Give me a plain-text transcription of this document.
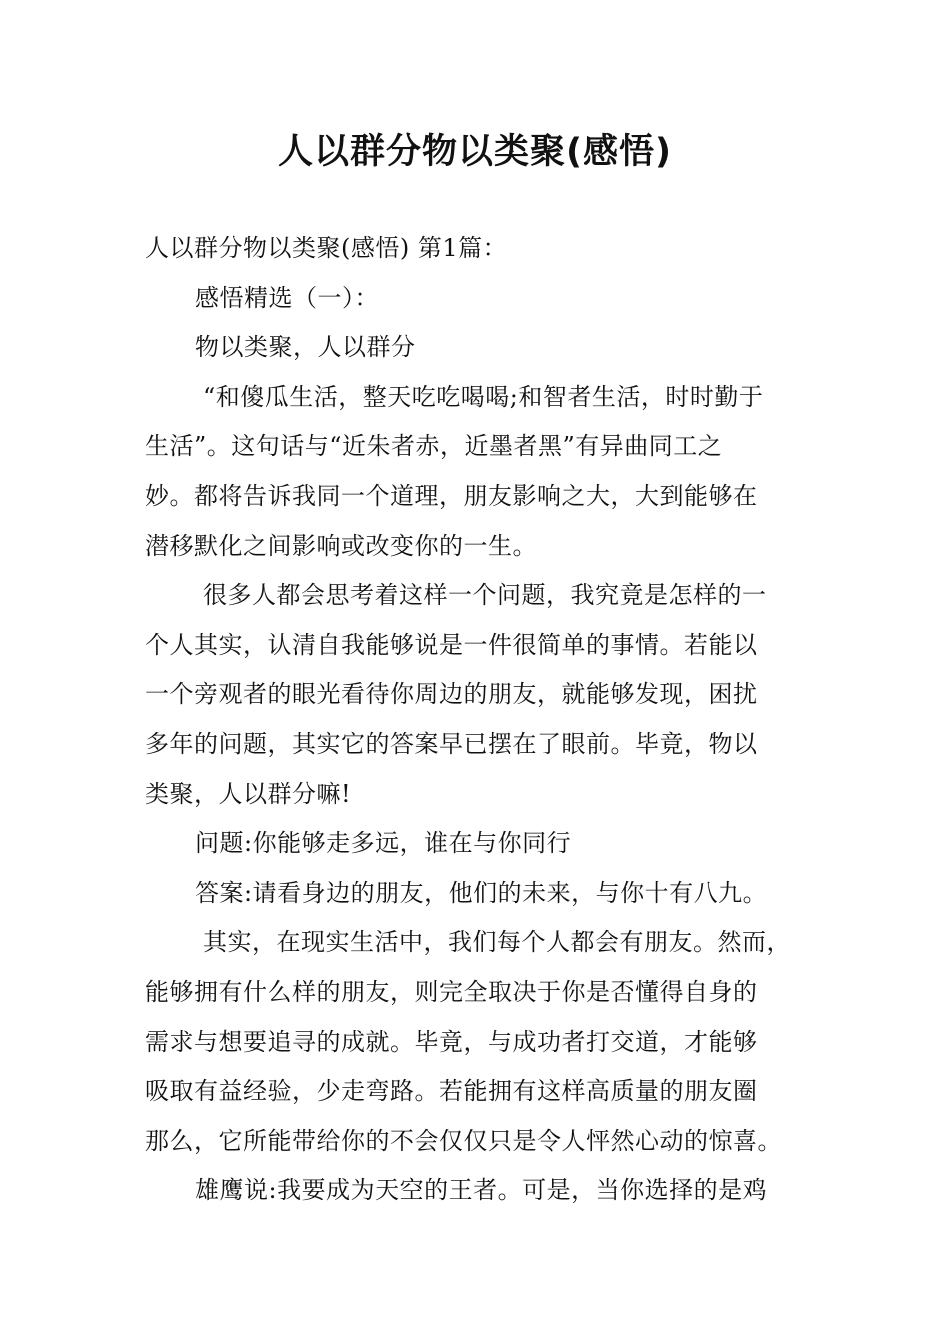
人以群分物以类聚(感悟)
人以群分物以类聚(感悟) 第1篇：
感悟精选（一）：
物以类聚，人以群分
“和傻瓜生活，整天吃吃喝喝;和智者生活，时时勤于
生活”。这句话与“近朱者赤，近墨者黑”有异曲同工之
妙。都将告诉我同一个道理，朋友影响之大，大到能够在
潜移默化之间影响或改变你的一生。
很多人都会思考着这样一个问题，我究竟是怎样的一
个人其实，认清自我能够说是一件很简单的事情。若能以
一个旁观者的眼光看待你周边的朋友，就能够发现，困扰
多年的问题，其实它的答案早已摆在了眼前。毕竟，物以
类聚，人以群分嘛!
问题:你能够走多远，谁在与你同行
答案:请看身边的朋友，他们的未来，与你十有八九。
其实，在现实生活中，我们每个人都会有朋友。然而，
能够拥有什么样的朋友，则完全取决于你是否懂得自身的
需求与想要追寻的成就。毕竟，与成功者打交道，才能够
吸取有益经验，少走弯路。若能拥有这样高质量的朋友圈
那么，它所能带给你的不会仅仅只是令人怦然心动的惊喜。
雄鹰说:我要成为天空的王者。可是，当你选择的是鸡
